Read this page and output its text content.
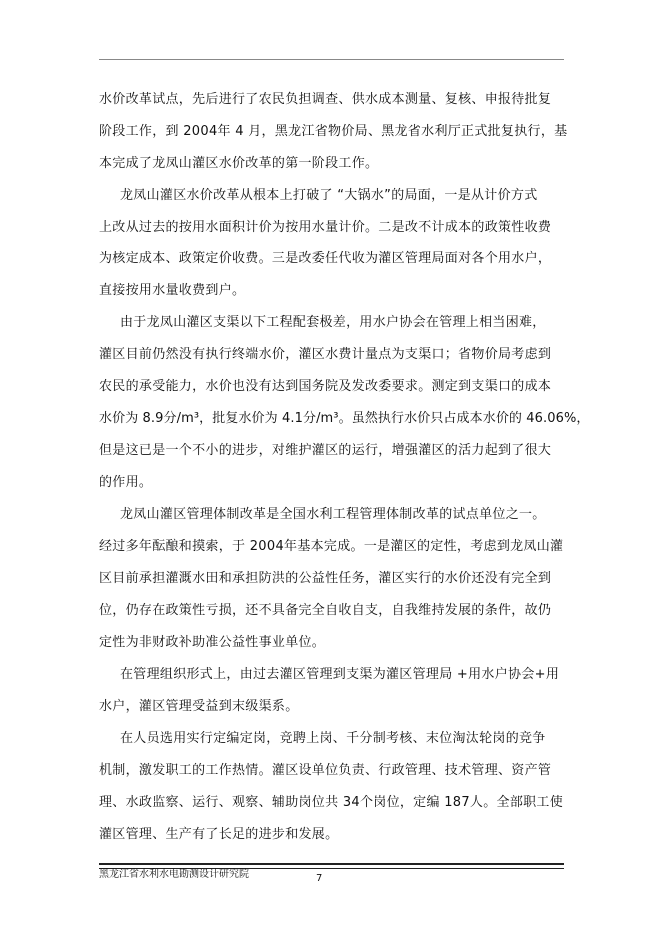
水价改革试点，先后进行了农民负担调查、供水成本测量、复核、申报待批复
阶段工作，到 2004年 4 月，黑龙江省物价局、黑龙省水利厅正式批复执行，基
本完成了龙凤山灌区水价改革的第一阶段工作。
龙凤山灌区水价改革从根本上打破了 “大锅水”的局面，一是从计价方式
上改从过去的按用水面积计价为按用水量计价。二是改不计成本的政策性收费
为核定成本、政策定价收费。三是改委任代收为灌区管理局面对各个用水户，
直接按用水量收费到户。
由于龙凤山灌区支渠以下工程配套极差，用水户协会在管理上相当困难，
灌区目前仍然没有执行终端水价，灌区水费计量点为支渠口；省物价局考虑到
农民的承受能力，水价也没有达到国务院及发改委要求。测定到支渠口的成本
水价为 8.9分/m³，批复水价为 4.1分/m³。虽然执行水价只占成本水价的 46.06%，
但是这已是一个不小的进步，对维护灌区的运行，增强灌区的活力起到了很大
的作用。
龙凤山灌区管理体制改革是全国水利工程管理体制改革的试点单位之一。
经过多年酝酿和摸索，于 2004年基本完成。一是灌区的定性，考虑到龙凤山灌
区目前承担灌溉水田和承担防洪的公益性任务，灌区实行的水价还没有完全到
位，仍存在政策性亏损，还不具备完全自收自支，自我维持发展的条件，故仍
定性为非财政补助准公益性事业单位。
在管理组织形式上，由过去灌区管理到支渠为灌区管理局 +用水户协会+用
水户，灌区管理受益到末级渠系。
在人员选用实行定编定岗，竞聘上岗、千分制考核、末位淘汰轮岗的竞争
机制，激发职工的工作热情。灌区设单位负责、行政管理、技术管理、资产管
理、水政监察、运行、观察、辅助岗位共 34个岗位，定编 187人。全部职工使
灌区管理、生产有了长足的进步和发展。
黑龙江省水利水电勘测设计研究院	7
